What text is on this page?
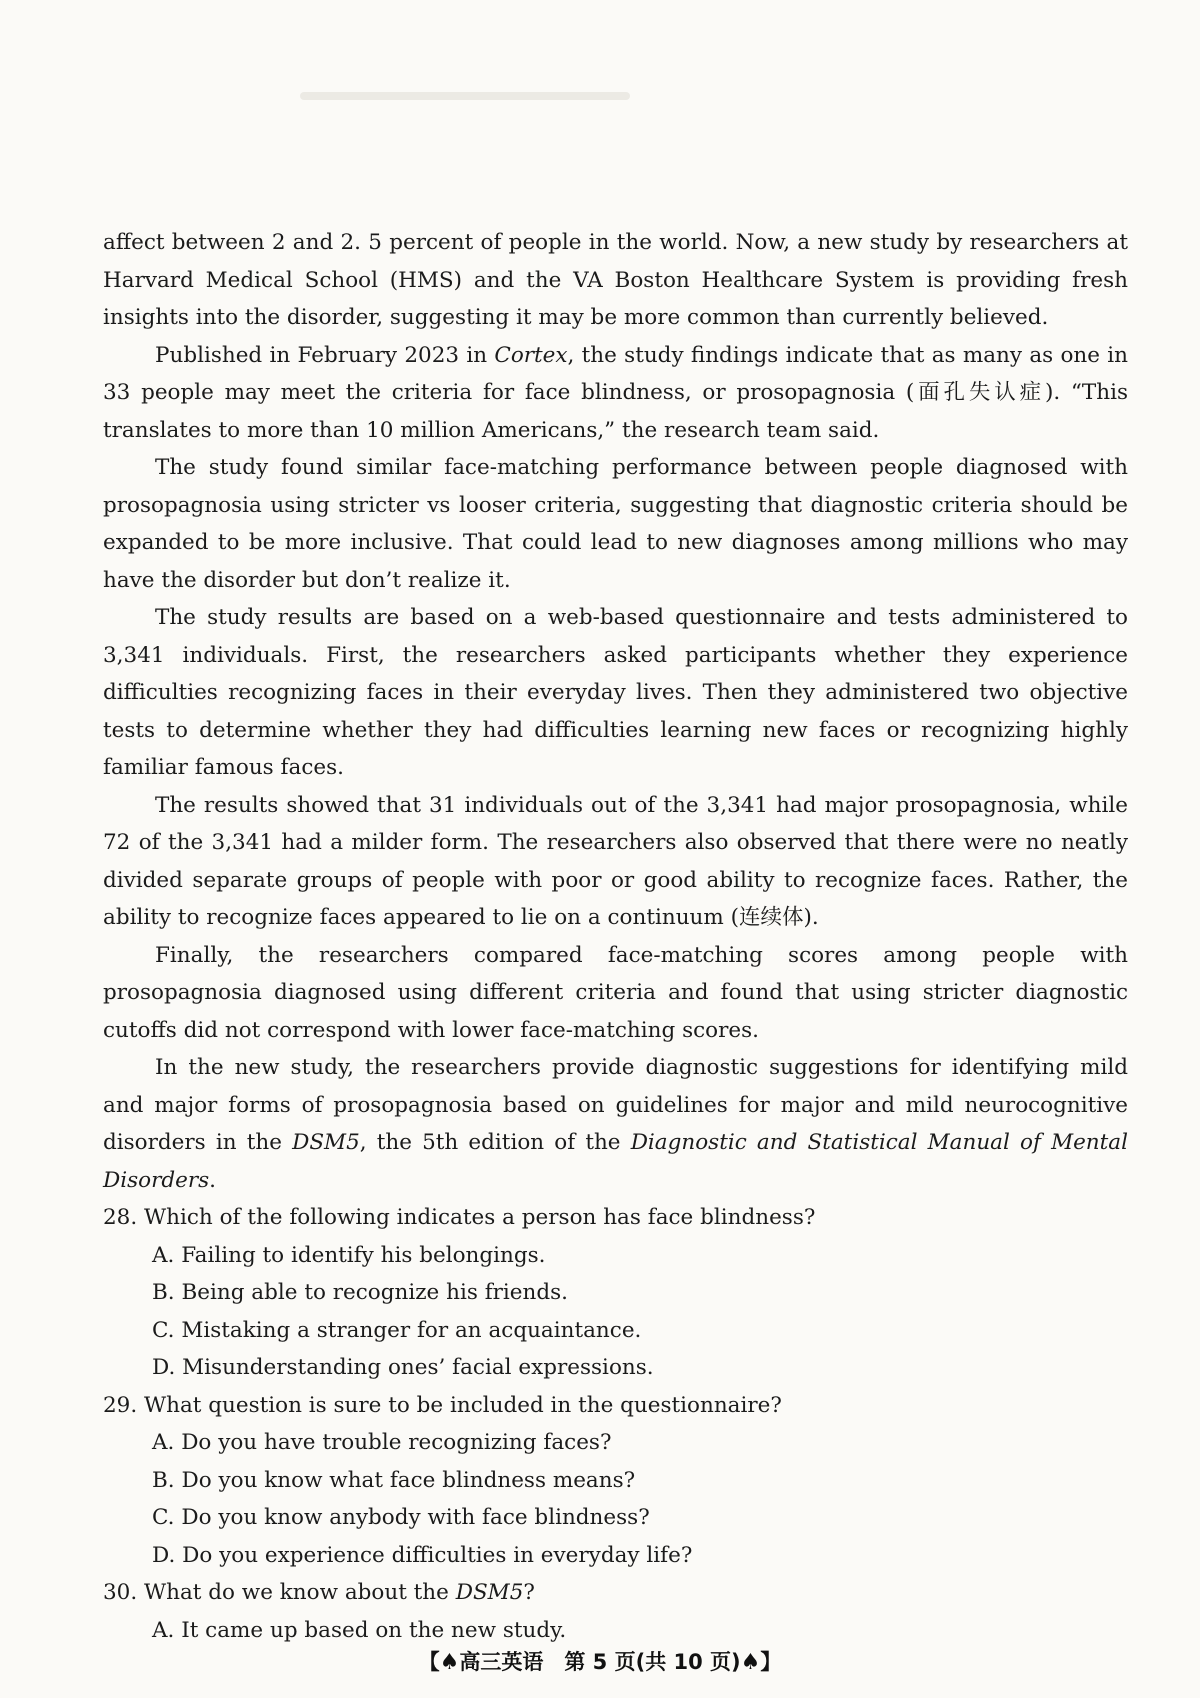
affect between 2 and 2. 5 percent of people in the world. Now, a new study by researchers at Harvard Medical School (HMS) and the VA Boston Healthcare System is providing fresh insights into the disorder, suggesting it may be more common than currently believed.

Published in February 2023 in Cortex, the study findings indicate that as many as one in 33 people may meet the criteria for face blindness, or prosopagnosia (面孔失认症). “This translates to more than 10 million Americans,” the research team said.

The study found similar face-matching performance between people diagnosed with prosopagnosia using stricter vs looser criteria, suggesting that diagnostic criteria should be expanded to be more inclusive. That could lead to new diagnoses among millions who may have the disorder but don’t realize it.

The study results are based on a web-based questionnaire and tests administered to 3,341 individuals. First, the researchers asked participants whether they experience difficulties recognizing faces in their everyday lives. Then they administered two objective tests to determine whether they had difficulties learning new faces or recognizing highly familiar famous faces.

The results showed that 31 individuals out of the 3,341 had major prosopagnosia, while 72 of the 3,341 had a milder form. The researchers also observed that there were no neatly divided separate groups of people with poor or good ability to recognize faces. Rather, the ability to recognize faces appeared to lie on a continuum (连续体).

Finally, the researchers compared face-matching scores among people with prosopagnosia diagnosed using different criteria and found that using stricter diagnostic cutoffs did not correspond with lower face-matching scores.

In the new study, the researchers provide diagnostic suggestions for identifying mild and major forms of prosopagnosia based on guidelines for major and mild neurocognitive disorders in the DSM5, the 5th edition of the Diagnostic and Statistical Manual of Mental Disorders.

28. Which of the following indicates a person has face blindness?

A. Failing to identify his belongings.

B. Being able to recognize his friends.

C. Mistaking a stranger for an acquaintance.

D. Misunderstanding ones’ facial expressions.

29. What question is sure to be included in the questionnaire?

A. Do you have trouble recognizing faces?

B. Do you know what face blindness means?

C. Do you know anybody with face blindness?

D. Do you experience difficulties in everyday life?

30. What do we know about the DSM5?

A. It came up based on the new study.

【♠高三英语　第 5 页(共 10 页)♠】
